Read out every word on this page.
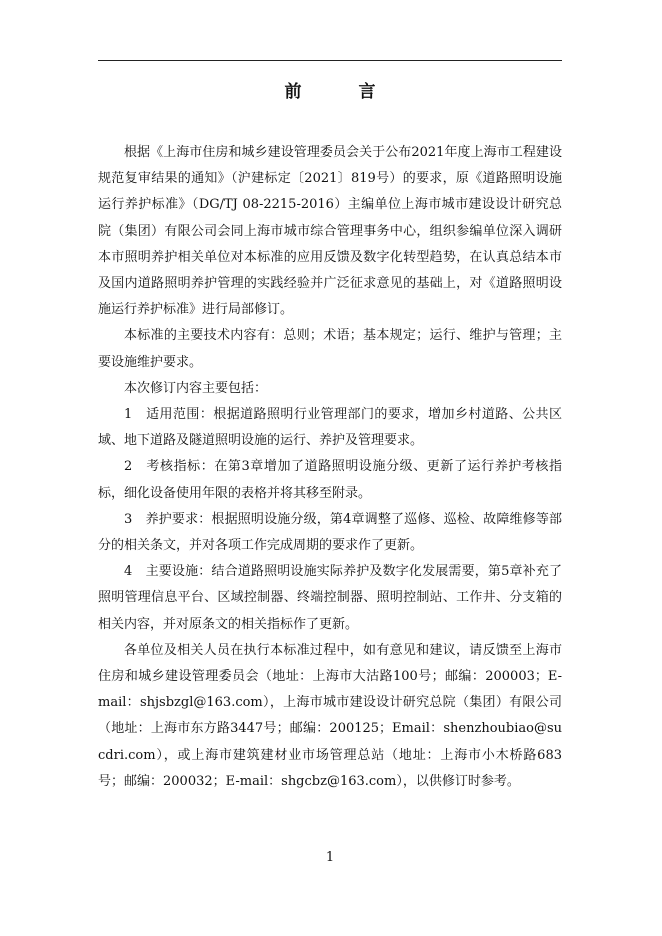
前　言

根据《上海市住房和城乡建设管理委员会关于公布2021年度上海市工程建设规范复审结果的通知》（沪建标定〔2021〕819号）的要求，原《道路照明设施运行养护标准》（DG/TJ 08-2215-2016）主编单位上海市城市建设设计研究总院（集团）有限公司会同上海市城市综合管理事务中心，组织参编单位深入调研本市照明养护相关单位对本标准的应用反馈及数字化转型趋势，在认真总结本市及国内道路照明养护管理的实践经验并广泛征求意见的基础上，对《道路照明设施运行养护标准》进行局部修订。

本标准的主要技术内容有：总则；术语；基本规定；运行、维护与管理；主要设施维护要求。

本次修订内容主要包括：

1　适用范围：根据道路照明行业管理部门的要求，增加乡村道路、公共区域、地下道路及隧道照明设施的运行、养护及管理要求。

2　考核指标：在第3章增加了道路照明设施分级、更新了运行养护考核指标，细化设备使用年限的表格并将其移至附录。

3　养护要求：根据照明设施分级，第4章调整了巡修、巡检、故障维修等部分的相关条文，并对各项工作完成周期的要求作了更新。

4　主要设施：结合道路照明设施实际养护及数字化发展需要，第5章补充了照明管理信息平台、区域控制器、终端控制器、照明控制站、工作井、分支箱的相关内容，并对原条文的相关指标作了更新。

各单位及相关人员在执行本标准过程中，如有意见和建议，请反馈至上海市住房和城乡建设管理委员会（地址：上海市大沽路100号；邮编：200003；E-mail：shjsbzgl@163.com），上海市城市建设设计研究总院（集团）有限公司（地址：上海市东方路3447号；邮编：200125；Email：shenzhoubiao@sucdri.com），或上海市建筑建材业市场管理总站（地址：上海市小木桥路683号；邮编：200032；E-mail：shgcbz@163.com），以供修订时参考。

1
